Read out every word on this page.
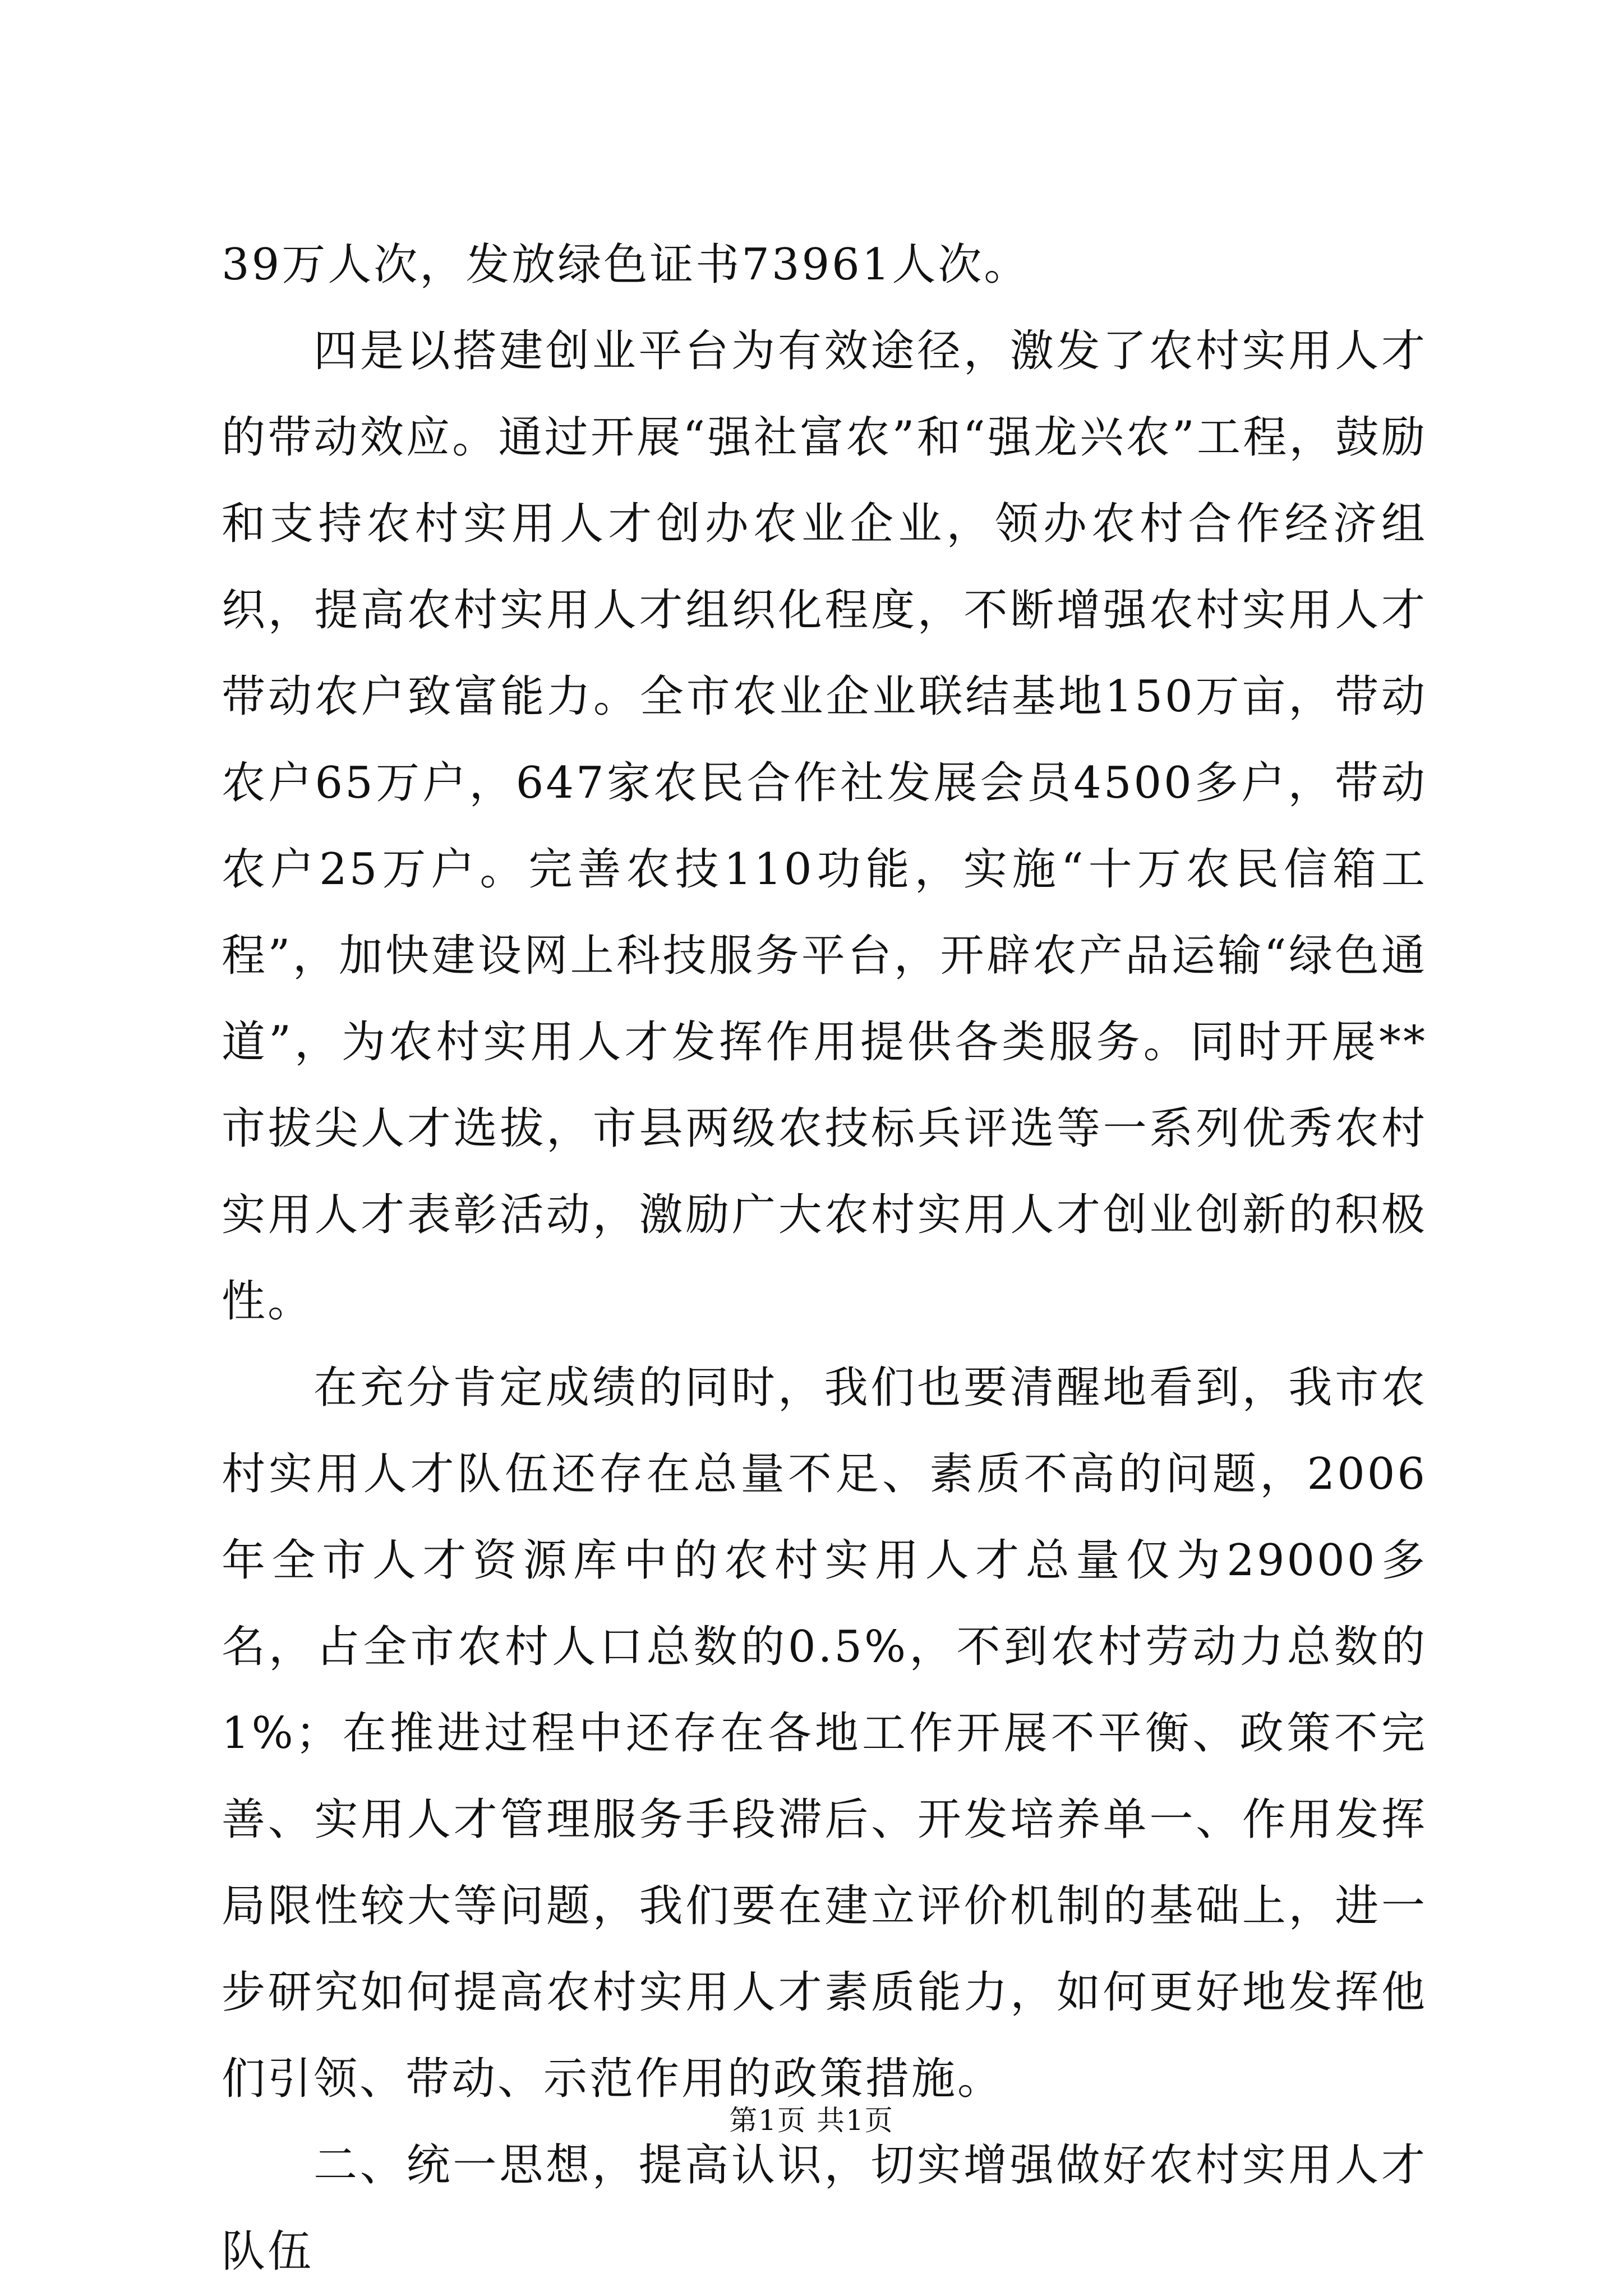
39万人次，发放绿色证书73961人次。

四是以搭建创业平台为有效途径，激发了农村实用人才的带动效应。通过开展“强社富农”和“强龙兴农”工程，鼓励和支持农村实用人才创办农业企业，领办农村合作经济组织，提高农村实用人才组织化程度，不断增强农村实用人才带动农户致富能力。全市农业企业联结基地150万亩，带动农户65万户，647家农民合作社发展会员4500多户，带动农户25万户。完善农技110功能，实施“十万农民信箱工程”，加快建设网上科技服务平台，开辟农产品运输“绿色通道”，为农村实用人才发挥作用提供各类服务。同时开展**市拔尖人才选拔，市县两级农技标兵评选等一系列优秀农村实用人才表彰活动，激励广大农村实用人才创业创新的积极性。

在充分肯定成绩的同时，我们也要清醒地看到，我市农村实用人才队伍还存在总量不足、素质不高的问题，2006年全市人才资源库中的农村实用人才总量仅为29000多名，占全市农村人口总数的0.5%，不到农村劳动力总数的1%；在推进过程中还存在各地工作开展不平衡、政策不完善、实用人才管理服务手段滞后、开发培养单一、作用发挥局限性较大等问题，我们要在建立评价机制的基础上，进一步研究如何提高农村实用人才素质能力，如何更好地发挥他们引领、带动、示范作用的政策措施。

二、统一思想，提高认识，切实增强做好农村实用人才队伍

第1页 共1页
